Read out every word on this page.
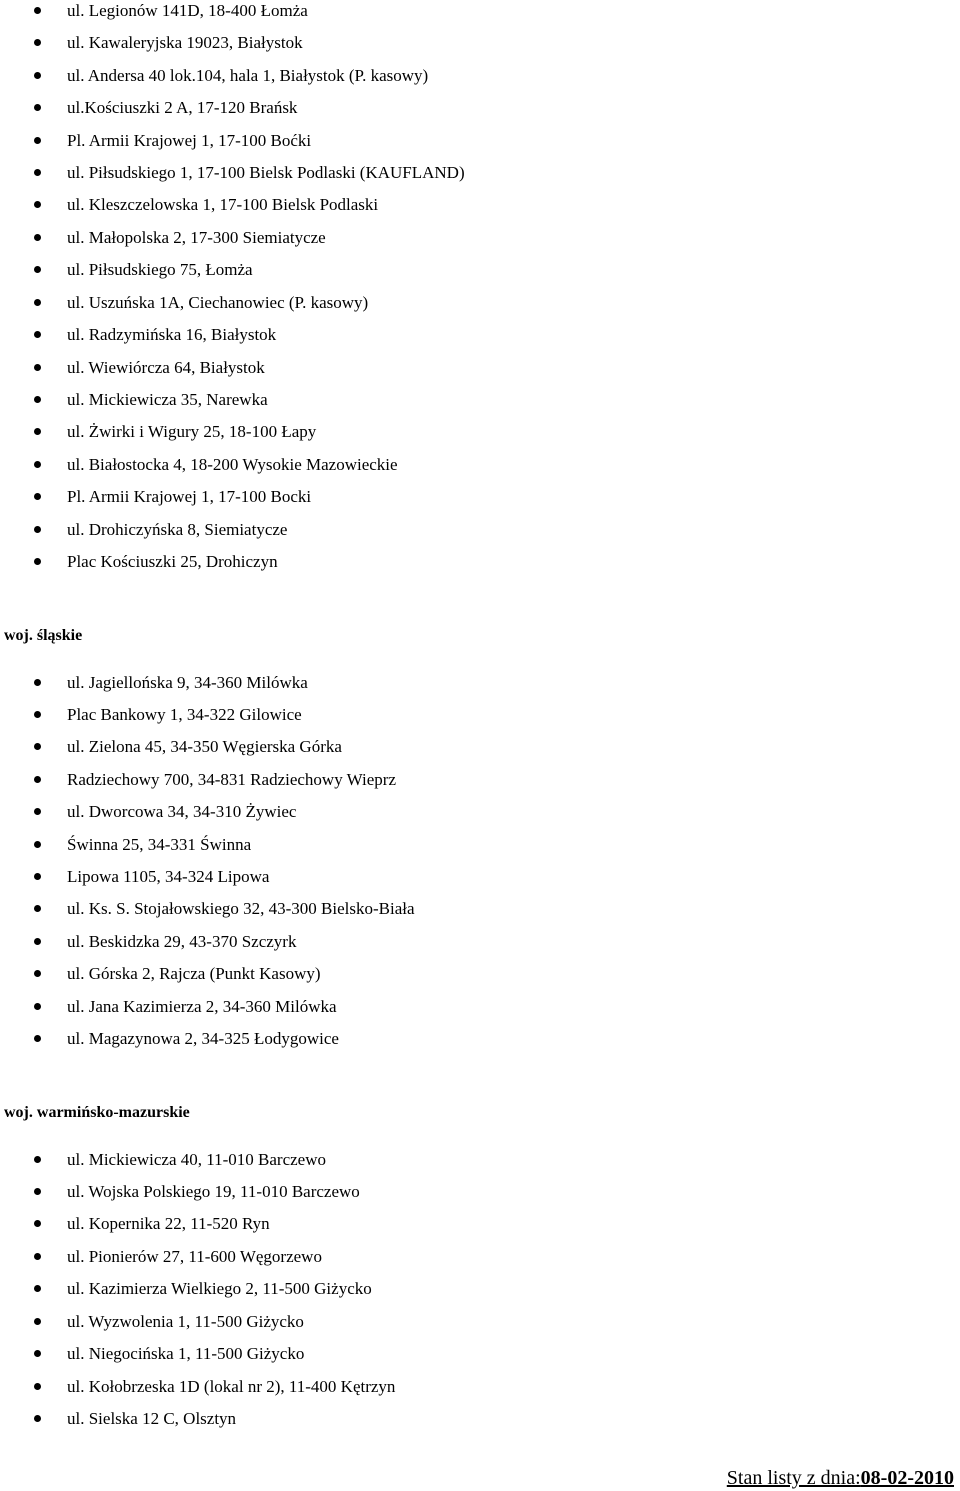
ul. Legionów 141D, 18-400 Łomża
ul. Kawaleryjska 19023, Białystok
ul. Andersa 40 lok.104, hala 1, Białystok (P. kasowy)
ul.Kościuszki 2 A, 17-120 Brańsk
Pl. Armii Krajowej 1, 17-100 Boćki
ul. Piłsudskiego 1, 17-100 Bielsk Podlaski (KAUFLAND)
ul. Kleszczelowska 1, 17-100 Bielsk Podlaski
ul. Małopolska 2, 17-300 Siemiatycze
ul. Piłsudskiego 75, Łomża
ul. Uszuńska 1A, Ciechanowiec (P. kasowy)
ul. Radzymińska 16, Białystok
ul. Wiewiórcza 64, Białystok
ul. Mickiewicza 35, Narewka
ul. Żwirki i Wigury 25, 18-100 Łapy
ul. Białostocka 4, 18-200 Wysokie Mazowieckie
Pl. Armii Krajowej 1, 17-100 Bocki
ul. Drohiczyńska 8, Siemiatycze
Plac Kościuszki 25, Drohiczyn
woj. śląskie
ul. Jagiellońska 9, 34-360 Milówka
Plac Bankowy 1, 34-322 Gilowice
ul. Zielona 45, 34-350 Węgierska Górka
Radziechowy 700, 34-831 Radziechowy Wieprz
ul. Dworcowa 34, 34-310 Żywiec
Świnna 25, 34-331 Świnna
Lipowa 1105, 34-324 Lipowa
ul. Ks. S. Stojałowskiego 32, 43-300 Bielsko-Biała
ul. Beskidzka 29, 43-370 Szczyrk
ul. Górska 2, Rajcza (Punkt Kasowy)
ul. Jana Kazimierza 2, 34-360 Milówka
ul. Magazynowa 2, 34-325 Łodygowice
woj. warmińsko-mazurskie
ul. Mickiewicza 40, 11-010 Barczewo
ul. Wojska Polskiego 19, 11-010 Barczewo
ul. Kopernika 22, 11-520 Ryn
ul. Pionierów 27, 11-600 Węgorzewo
ul. Kazimierza Wielkiego 2, 11-500 Giżycko
ul. Wyzwolenia 1, 11-500 Giżycko
ul. Niegocińska 1, 11-500 Giżycko
ul. Kołobrzeska 1D (lokal nr 2), 11-400 Kętrzyn
ul. Sielska 12 C, Olsztyn
Stan listy z dnia:08-02-2010
